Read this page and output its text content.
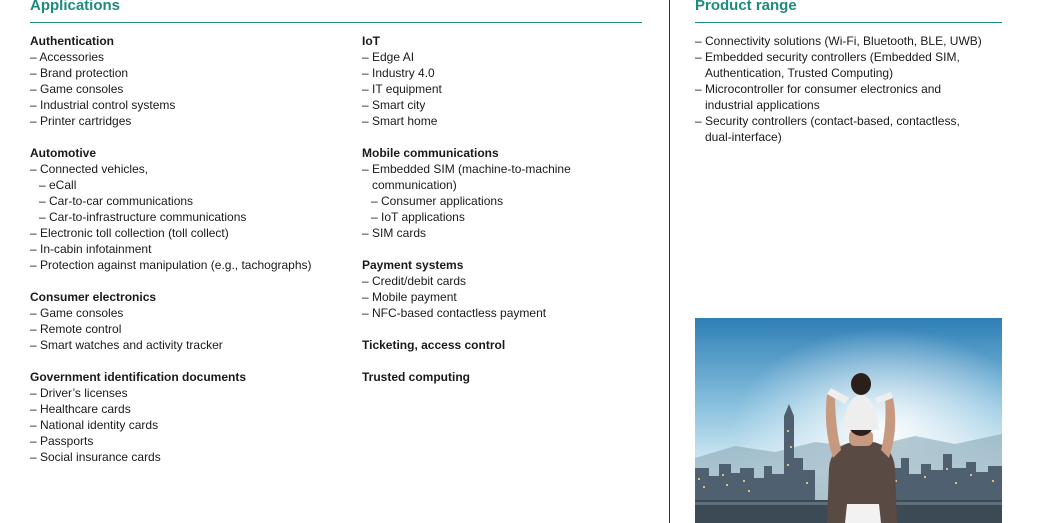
Applications	Product range
Authentication
– Accessories
– Brand protection
– Game consoles
– Industrial control systems
– Printer cartridges
Automotive
– Connected vehicles,
– eCall
– Car-to-car communications
– Car-to-infrastructure communications
– Electronic toll collection (toll collect)
– In-cabin infotainment
– Protection against manipulation (e.g., tachographs)
Consumer electronics
– Game consoles
– Remote control
– Smart watches and activity tracker
Government identification documents
– Driver’s licenses
– Healthcare cards
– National identity cards
– Passports
– Social insurance cards
IoT
– Edge AI
– Industry 4.0
– IT equipment
– Smart city
– Smart home
Mobile communications
– Embedded SIM (machine-to-machine
communication)
– Consumer applications
– IoT applications
– SIM cards
Payment systems
– Credit/debit cards
– Mobile payment
– NFC-based contactless payment
Ticketing, access control
Trusted computing
– Connectivity solutions (Wi-Fi, Bluetooth, BLE, UWB)
– Embedded security controllers (Embedded SIM,
Authentication, Trusted Computing)
– Microcontroller for consumer electronics and
industrial applications
– Security controllers (contact-based, contactless,
dual-interface)
